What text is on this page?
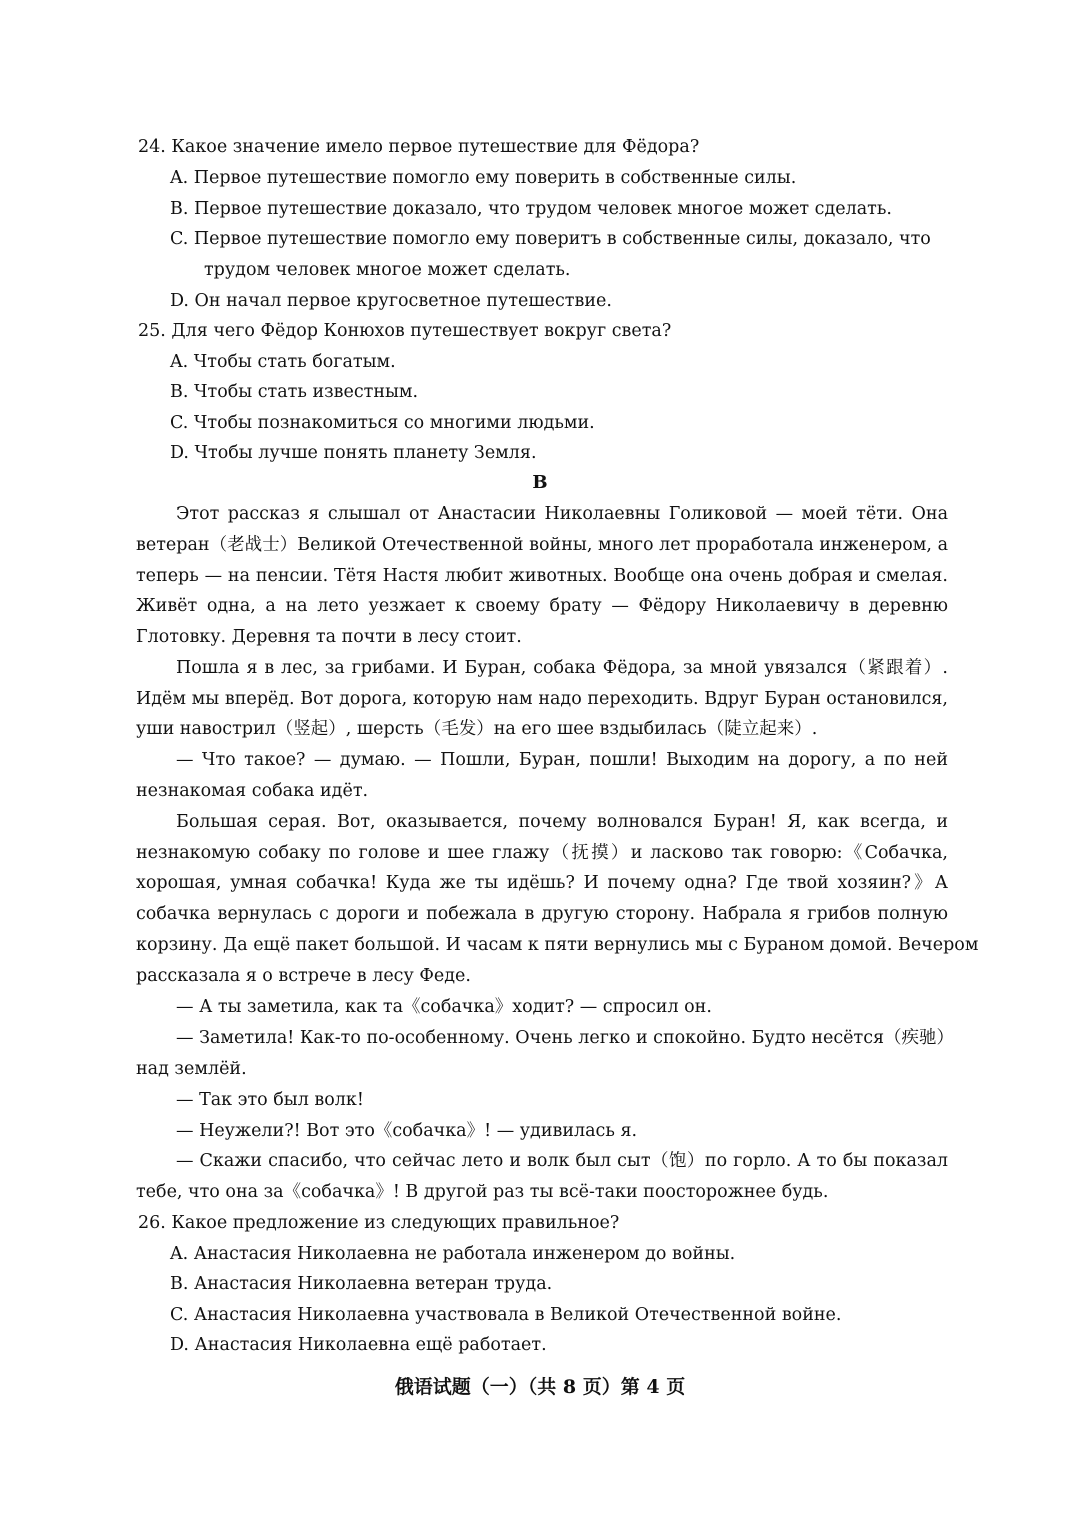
24. Какое значение имело первое путешествие для Фёдора?
A. Первое путешествие помогло ему поверить в собственные силы.
B. Первое путешествие доказало, что трудом человек многое может сделать.
C. Первое путешествие помогло ему поверитъ в собственные силы, доказало, что
трудом человек многое может сделать.
D. Он начал первое кругосветное путешествие.
25. Для чего Фёдор Конюхов путешествует вокруг света?
A. Чтобы стать богатым.
B. Чтобы стать известным.
C. Чтобы познакомиться со многими людьми.
D. Чтобы лучше понять планету Земля.
B
Этот рассказ я слышал от Анастасии Николаевны Голиковой — моей тёти. Она
ветеран（老战士）Великой Отечественной войны, много лет проработала инженером, а
теперь — на пенсии. Тётя Настя любит животных. Вообще она очень добрая и смелая.
Живёт одна, а на лето уезжает к своему брату — Фёдору Николаевичу в деревню
Глотовку. Деревня та почти в лесу стоит.
Пошла я в лес, за грибами. И Буран, собака Фёдора, за мной увязался（紧跟着）.
Идём мы вперёд. Вот дорога, которую нам надо переходить. Вдруг Буран остановился,
уши навострил（竖起）, шерсть（毛发）на его шее вздыбилась（陡立起来）.
— Что такое? — думаю. — Пошли, Буран, пошли! Выходим на дорогу, а по ней
незнакомая собака идёт.
Большая серая. Вот, оказывается, почему волновался Буран! Я, как всегда, и
незнакомую собаку по голове и шее глажу（抚摸）и ласково так говорю:《Собачка,
хорошая, умная собачка! Куда же ты идёшь? И почему одна? Где твой хозяин?》А
собачка вернулась с дороги и побежала в другую сторону. Набрала я грибов полную
корзину. Да ещё пакет большой. И часам к пяти вернулись мы с Бураном домой. Вечером
рассказала я о встрече в лесу Феде.
— А ты заметила, как та《собачка》ходит? — спросил он.
— Заметила! Как-то по-особенному. Очень легко и спокойно. Будто несётся（疾驰）
над землёй.
— Так это был волк!
— Неужели?! Вот это《собачка》! — удивилась я.
— Скажи спасибо, что сейчас лето и волк был сыт（饱）по горло. А то бы показал
тебе, что она за《собачка》! В другой раз ты всё-таки поосторожнее будь.
26. Какое предложение из следующих правильное?
A. Анастасия Николаевна не работала инженером до войны.
B. Анастасия Николаевна ветеран труда.
C. Анастасия Николаевна участвовала в Великой Отечественной войне.
D. Анастасия Николаевна ещё работает.
俄语试题（一）（共 8 页）第 4 页
